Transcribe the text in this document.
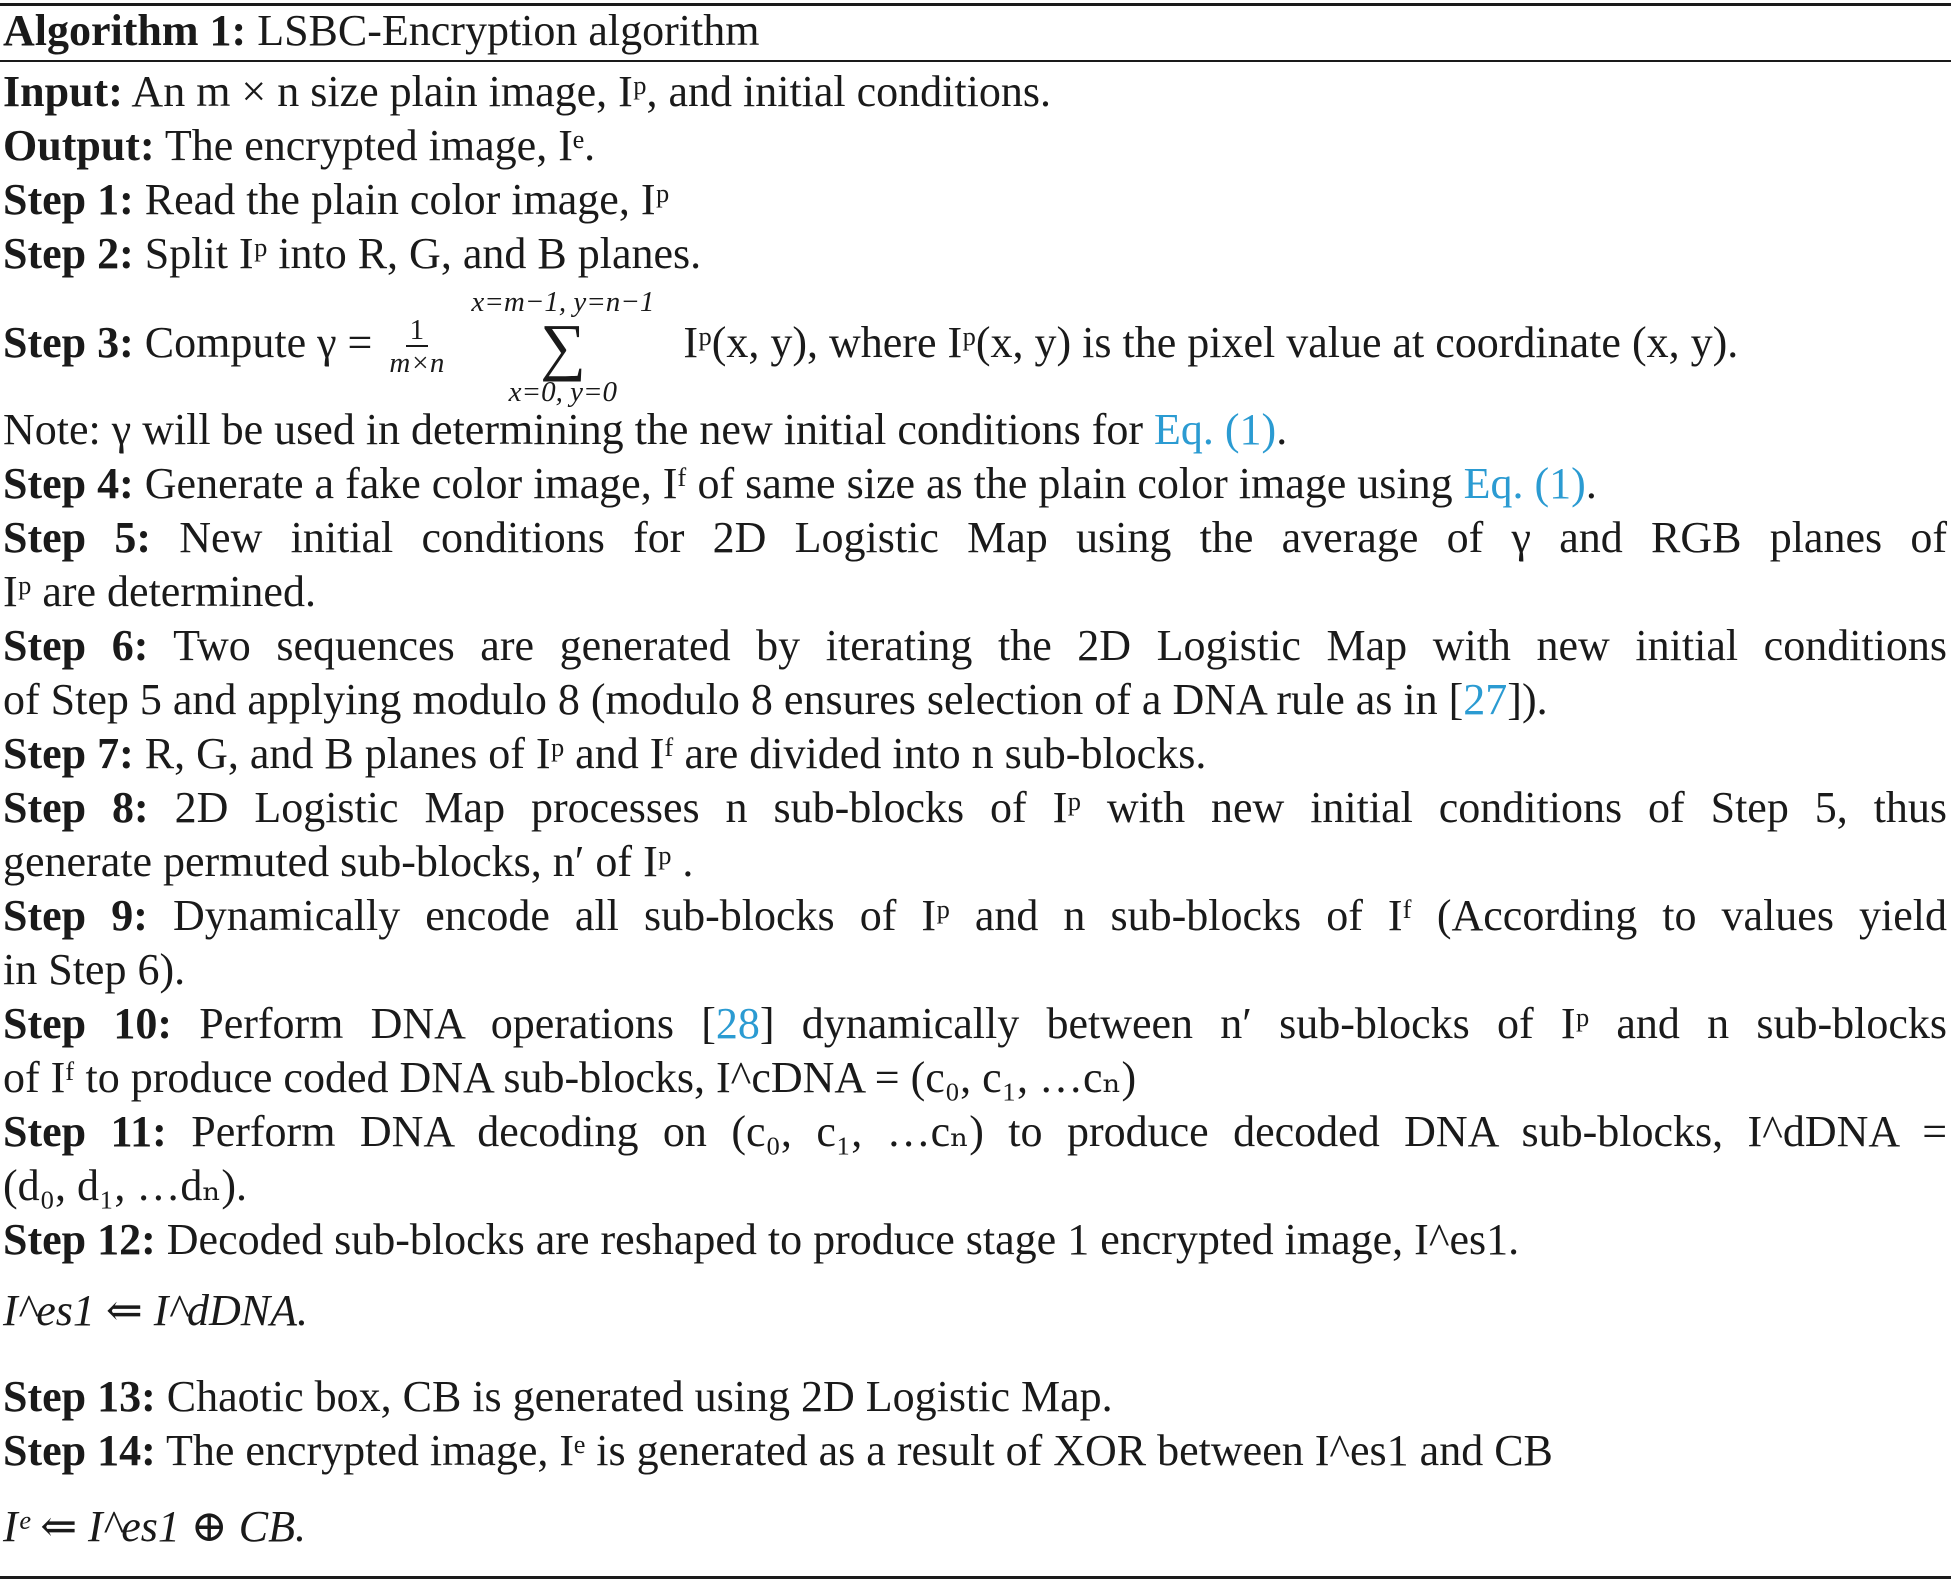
Algorithm 1: LSBC-Encryption algorithm
Input: An m × n size plain image, Iᵖ, and initial conditions.
Output: The encrypted image, Iᵉ.
Step 1: Read the plain color image, Iᵖ
Step 2: Split Iᵖ into R, G, and B planes.
Step 3: Compute $\gamma = \frac{1}{m\times n}$

x=m−1, y=n−1
∑
x=0, y=0
Iᵖ(x, y), where Iᵖ(x, y) is the pixel value at coordinate (x, y).
Note: γ will be used in determining the new initial conditions for Eq. (1).
Step 4: Generate a fake color image, Iᶠ of same size as the plain color image using Eq. (1).
Step 5: New initial conditions for 2D Logistic Map using the average of γ and RGB planes of
Iᵖ are determined.
Step 6: Two sequences are generated by iterating the 2D Logistic Map with new initial conditions
of Step 5 and applying modulo 8 (modulo 8 ensures selection of a DNA rule as in [27]).
Step 7: R, G, and B planes of Iᵖ and Iᶠ are divided into n sub-blocks.
Step 8: 2D Logistic Map processes n sub-blocks of Iᵖ with new initial conditions of Step 5, thus
generate permuted sub-blocks, n′ of Iᵖ .
Step 9: Dynamically encode all sub-blocks of Iᵖ and n sub-blocks of Iᶠ (According to values yield
in Step 6).
Step 10: Perform DNA operations [28] dynamically between n′ sub-blocks of Iᵖ and n sub-blocks
of Iᶠ to produce coded DNA sub-blocks, I^cDNA = (c₀, c₁, …cₙ)
Step 11: Perform DNA decoding on (c₀, c₁, …cₙ) to produce decoded DNA sub-blocks, I^dDNA =
(d₀, d₁, …dₙ).
Step 12: Decoded sub-blocks are reshaped to produce stage 1 encrypted image, I^es1.
I^es1 ⇐ I^dDNA.
Step 13: Chaotic box, CB is generated using 2D Logistic Map.
Step 14: The encrypted image, Iᵉ is generated as a result of XOR between I^es1 and CB
Iᵉ ⇐ I^es1 ⊕ CB.
